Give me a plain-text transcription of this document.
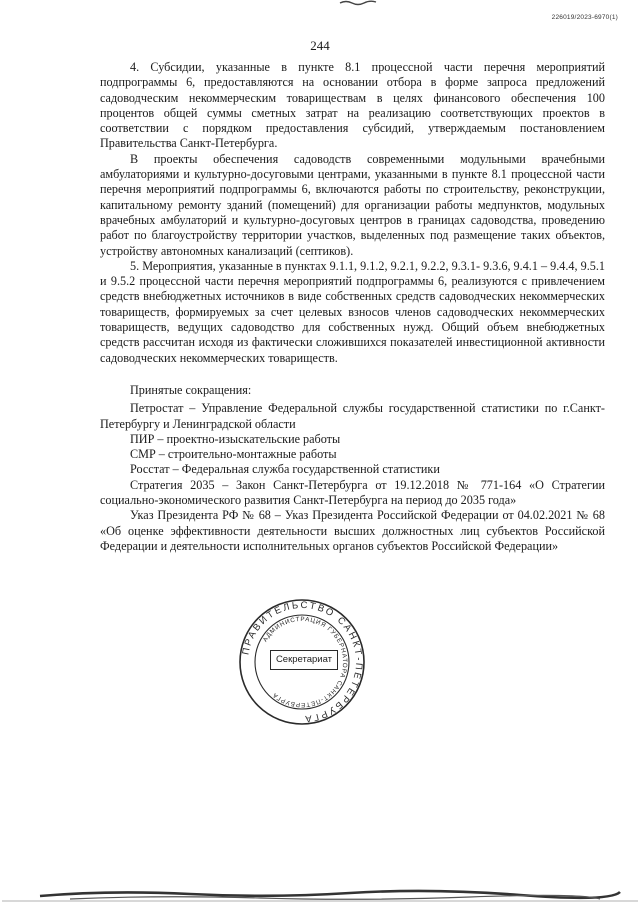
226019/2023-6970(1)
244

4. Субсидии, указанные в пункте 8.1 процессной части перечня мероприятий подпрограммы 6, предоставляются на основании отбора в форме запроса предложений садоводческим некоммерческим товариществам в целях финансового обеспечения 100 процентов общей суммы сметных затрат на реализацию соответствующих проектов в соответствии с порядком предоставления субсидий, утверждаемым постановлением Правительства Санкт-Петербурга.

В проекты обеспечения садоводств современными модульными врачебными амбулаториями и культурно-досуговыми центрами, указанными в пункте 8.1 процессной части перечня мероприятий подпрограммы 6, включаются работы по строительству, реконструкции, капитальному ремонту зданий (помещений) для организации работы медпунктов, модульных врачебных амбулаторий и культурно-досуговых центров в границах садоводства, проведению работ по благоустройству территории участков, выделенных под размещение таких объектов, устройству автономных канализаций (септиков).

5. Мероприятия, указанные в пунктах 9.1.1, 9.1.2, 9.2.1, 9.2.2, 9.3.1- 9.3.6, 9.4.1 – 9.4.4, 9.5.1 и 9.5.2 процессной части перечня мероприятий подпрограммы 6, реализуются с привлечением средств внебюджетных источников в виде собственных средств садоводческих некоммерческих товариществ, формируемых за счет целевых взносов членов садоводческих некоммерческих товариществ, ведущих садоводство для собственных нужд. Общий объем внебюджетных средств рассчитан исходя из фактически сложившихся показателей инвестиционной активности садоводческих некоммерческих товариществ.

Принятые сокращения:

Петростат – Управление Федеральной службы государственной статистики по г.Санкт-Петербургу и Ленинградской области

ПИР – проектно-изыскательские работы

СМР – строительно-монтажные работы

Росстат – Федеральная служба государственной статистики

Стратегия 2035 – Закон Санкт-Петербурга от 19.12.2018 № 771-164 «О Стратегии социально-экономического развития Санкт-Петербурга на период до 2035 года»

Указ Президента РФ № 68 – Указ Президента Российской Федерации от 04.02.2021 № 68 «Об оценке эффективности деятельности высших должностных лиц субъектов Российской Федерации и деятельности исполнительных органов субъектов Российской Федерации»

ПРАВИТЕЛЬСТВО САНКТ-ПЕТЕРБУРГА
АДМИНИСТРАЦИЯ ГУБЕРНАТОРА САНКТ-ПЕТЕРБУРГА
Секретариат
